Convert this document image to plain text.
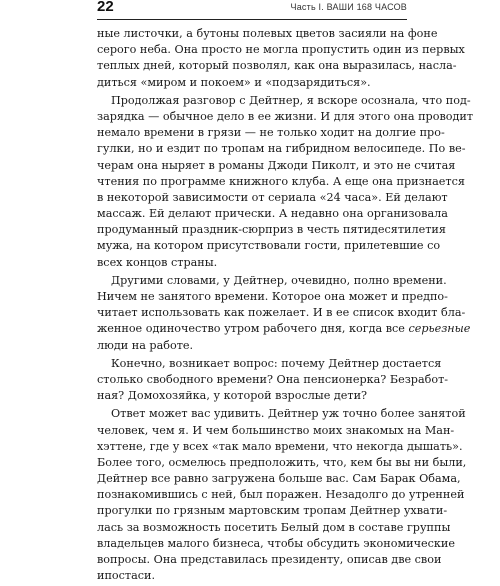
22	Часть I. ВАШИ 168 ЧАСОВ
ные листочки, а бутоны полевых цветов засияли на фоне
серого неба. Она просто не могла пропустить один из первых
теплых дней, который позволял, как она выразилась, насла-
диться «миром и покоем» и «подзарядиться».
Продолжая разговор с Дейтнер, я вскоре осознала, что под-
зарядка — обычное дело в ее жизни. И для этого она проводит
немало времени в грязи — не только ходит на долгие про-
гулки, но и ездит по тропам на гибридном велосипеде. По ве-
черам она ныряет в романы Джоди Пиколт, и это не считая
чтения по программе книжного клуба. А еще она признается
в некоторой зависимости от сериала «24 часа». Ей делают
массаж. Ей делают прически. А недавно она организовала
продуманный праздник-сюрприз в честь пятидесятилетия
мужа, на котором присутствовали гости, прилетевшие со
всех концов страны.
Другими словами, у Дейтнер, очевидно, полно времени.
Ничем не занятого времени. Которое она может и предпо-
читает использовать как пожелает. И в ее список входит бла-
женное одиночество утром рабочего дня, когда все серьезные
люди на работе.
Конечно, возникает вопрос: почему Дейтнер достается
столько свободного времени? Она пенсионерка? Безработ-
ная? Домохозяйка, у которой взрослые дети?
Ответ может вас удивить. Дейтнер уж точно более занятой
человек, чем я. И чем большинство моих знакомых на Ман-
хэттене, где у всех «так мало времени, что некогда дышать».
Более того, осмелюсь предположить, что, кем бы вы ни были,
Дейтнер все равно загружена больше вас. Сам Барак Обама,
познакомившись с ней, был поражен. Незадолго до утренней
прогулки по грязным мартовским тропам Дейтнер ухвати-
лась за возможность посетить Белый дом в составе группы
владельцев малого бизнеса, чтобы обсудить экономические
вопросы. Она представилась президенту, описав две свои
ипостаси.
